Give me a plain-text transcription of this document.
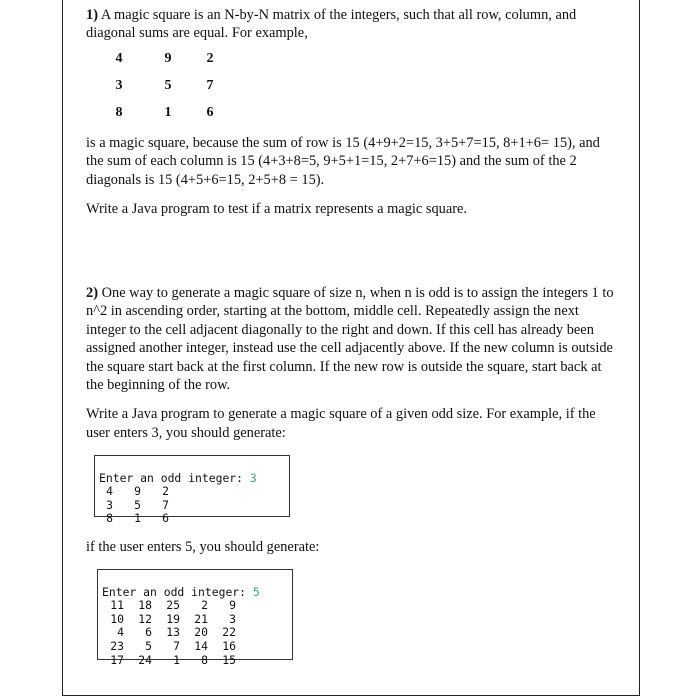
1) A magic square is an N-by-N matrix of the integers, such that all row, column, and diagonal sums are equal. For example,

4	9	2
3	5	7
8	1	6

is a magic square, because the sum of row is 15 (4+9+2=15, 3+5+7=15, 8+1+6= 15), and the sum of each column is 15 (4+3+8=5, 9+5+1=15, 2+7+6=15) and the sum of the 2 diagonals is 15 (4+5+6=15, 2+5+8 = 15).

Write a Java program to test if a matrix represents a magic square.

2) One way to generate a magic square of size n, when n is odd is to assign the integers 1 to n^2 in ascending order, starting at the bottom, middle cell. Repeatedly assign the next integer to the cell adjacent diagonally to the right and down. If this cell has already been assigned another integer, instead use the cell adjacently above. If the new column is outside the square start back at the first column. If the new row is outside the square, start back at the beginning of the row.

Write a Java program to generate a magic square of a given odd size. For example, if the user enters 3, you should generate:

Enter an odd integer: 3

4 9 2
3 5 7
8 1 6

if the user enters 5, you should generate:

Enter an odd integer: 5

11 18 25 2 9
10 12 19 21 3
4 6 13 20 22
23 5 7 14 16
17 24 1 8 15
